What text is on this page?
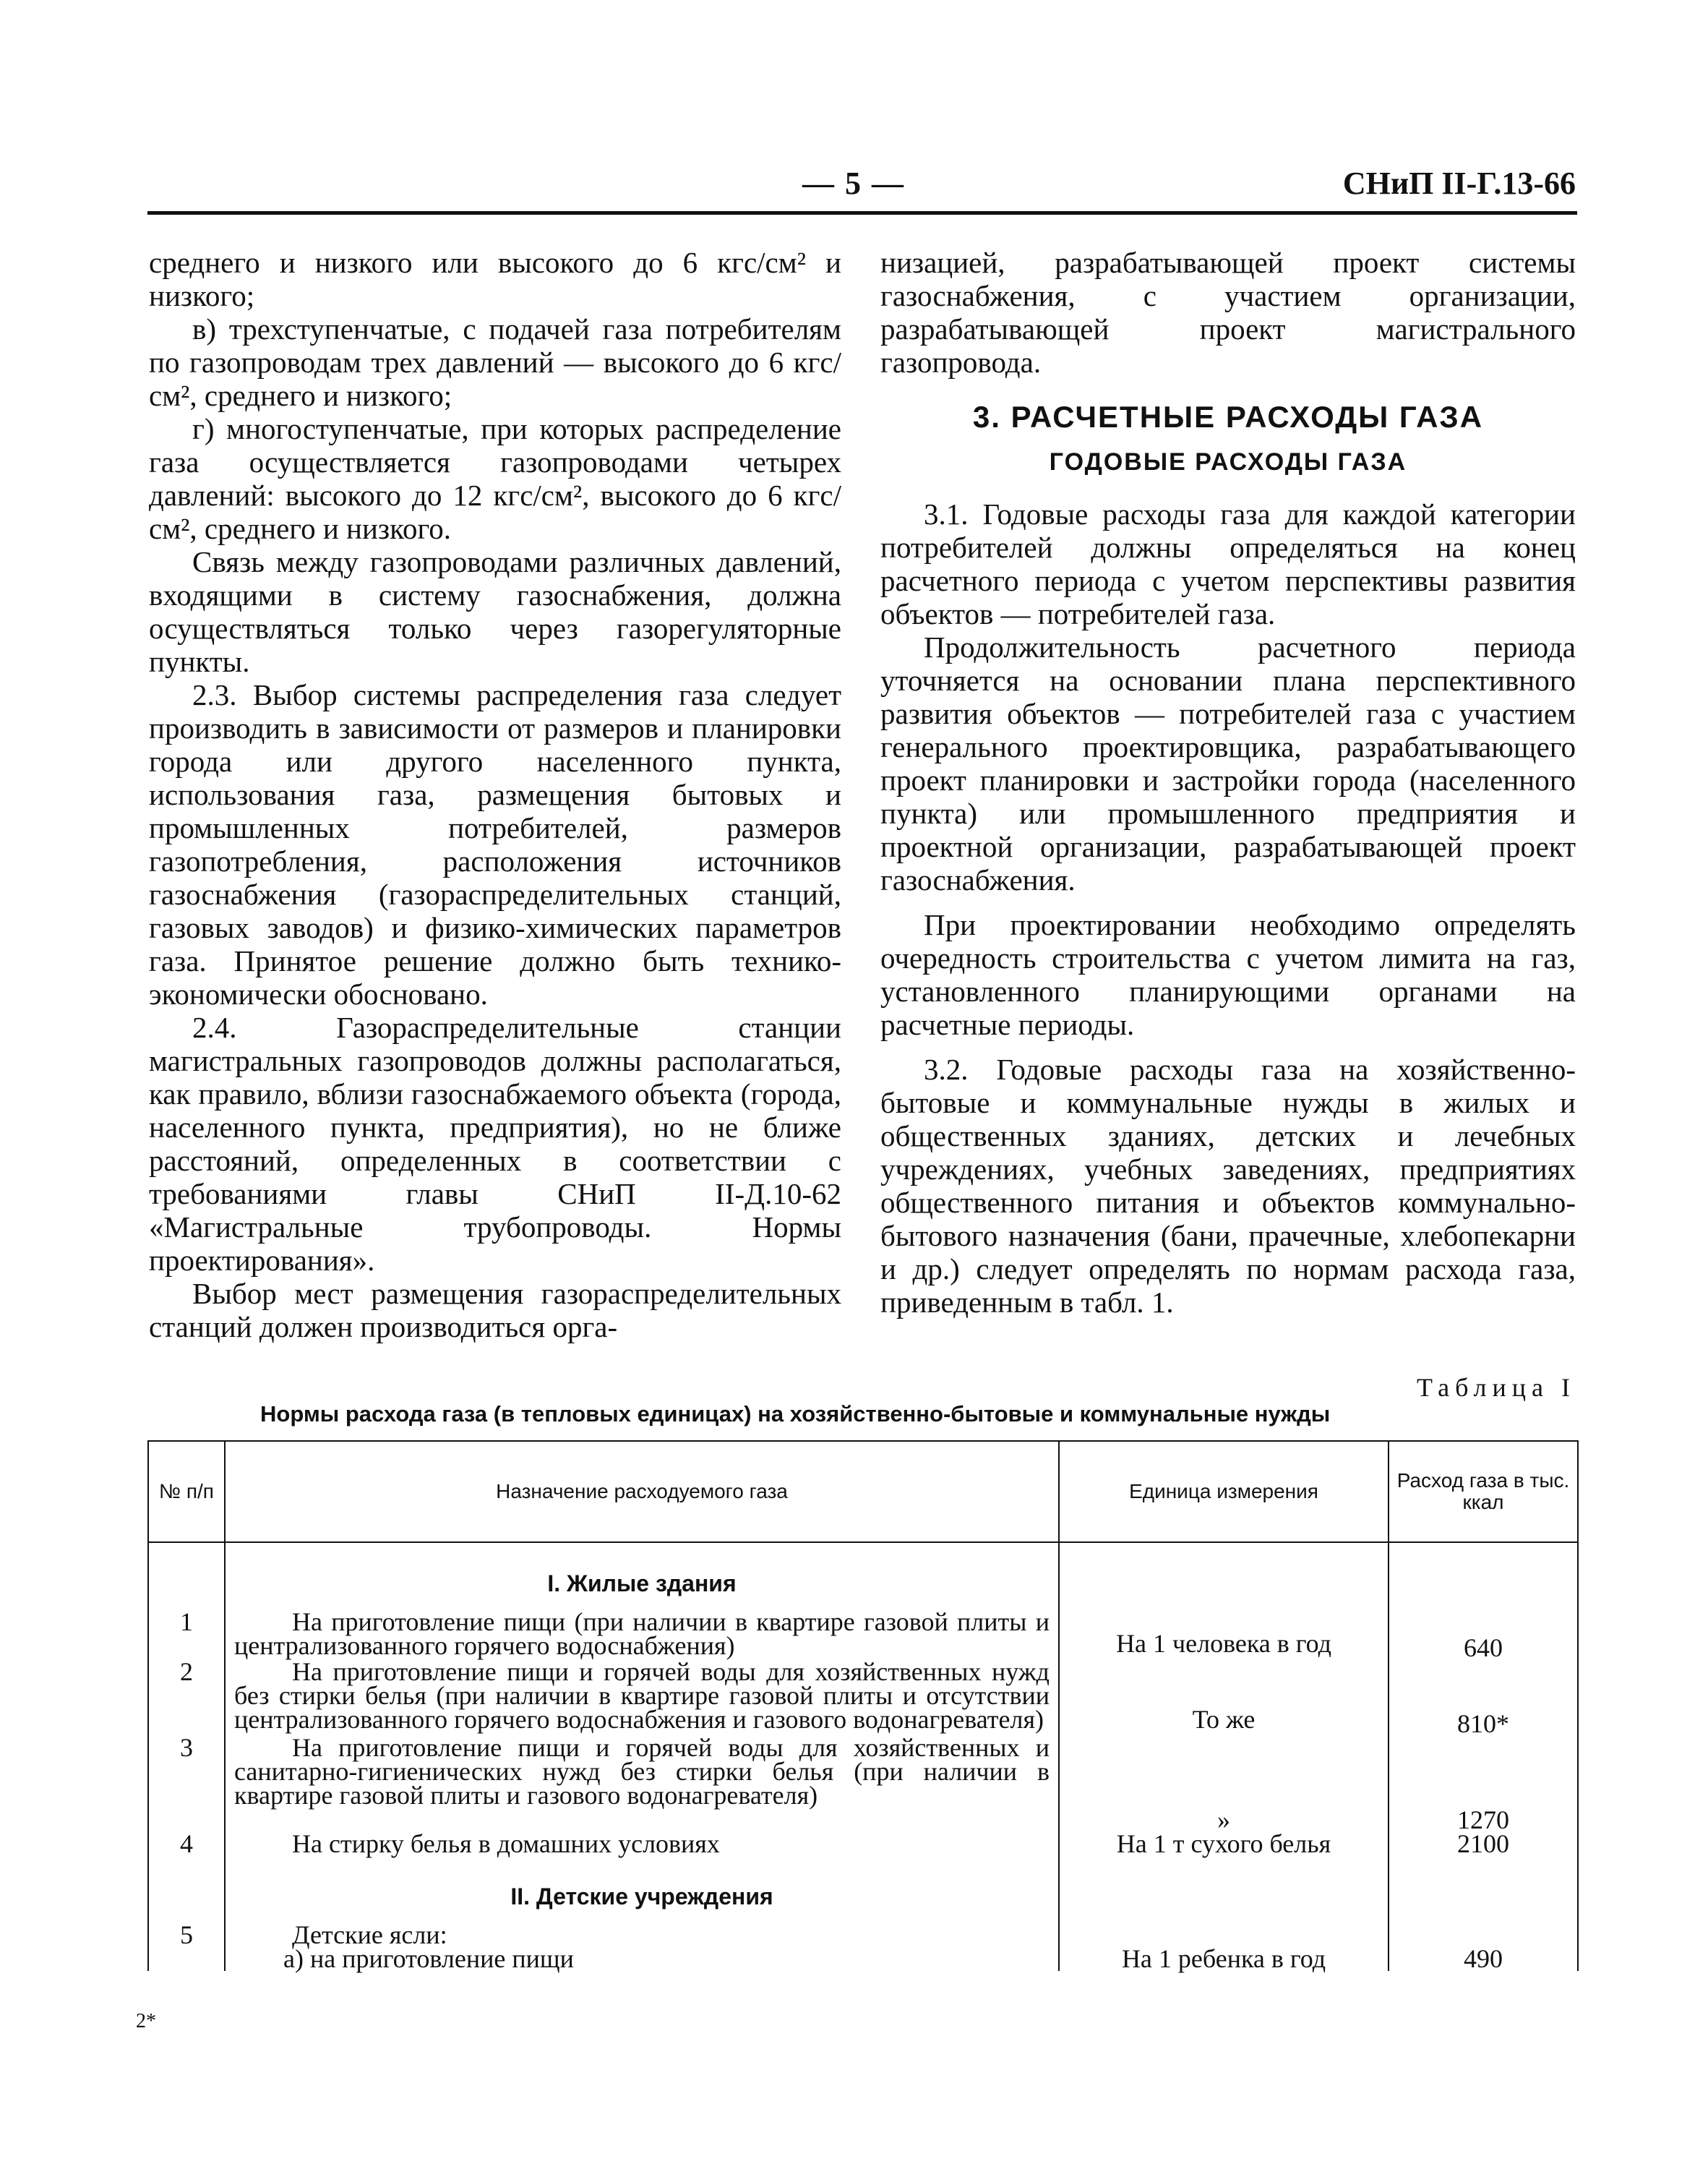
— 5 —	СНиП II-Г.13-66

среднего и низкого или высокого до 6 кгс/см² и низкого;

в) трехступенчатые, с подачей газа потребителям по газопроводам трех давлений — высокого до 6 кгс/см², среднего и низкого;

г) многоступенчатые, при которых распределение газа осуществляется газопроводами четырех давлений: высокого до 12 кгс/см², высокого до 6 кгс/см², среднего и низкого.

Связь между газопроводами различных давлений, входящими в систему газоснабжения, должна осуществляться только через газорегуляторные пункты.

2.3. Выбор системы распределения газа следует производить в зависимости от размеров и планировки города или другого населенного пункта, использования газа, размещения бытовых и промышленных потребителей, размеров газопотребления, расположения источников газоснабжения (газораспределительных станций, газовых заводов) и физико-химических параметров газа. Принятое решение должно быть технико-экономически обосновано.

2.4. Газораспределительные станции магистральных газопроводов должны располагаться, как правило, вблизи газоснабжаемого объекта (города, населенного пункта, предприятия), но не ближе расстояний, определенных в соответствии с требованиями главы СНиП II-Д.10-62 «Магистральные трубопроводы. Нормы проектирования».

Выбор мест размещения газораспределительных станций должен производиться орга-

низацией, разрабатывающей проект системы газоснабжения, с участием организации, разрабатывающей проект магистрального газопровода.

3. РАСЧЕТНЫЕ РАСХОДЫ ГАЗА

ГОДОВЫЕ РАСХОДЫ ГАЗА

3.1. Годовые расходы газа для каждой категории потребителей должны определяться на конец расчетного периода с учетом перспективы развития объектов — потребителей газа.

Продолжительность расчетного периода уточняется на основании плана перспективного развития объектов — потребителей газа с участием генерального проектировщика, разрабатывающего проект планировки и застройки города (населенного пункта) или промышленного предприятия и проектной организации, разрабатывающей проект газоснабжения.

При проектировании необходимо определять очередность строительства с учетом лимита на газ, установленного планирующими органами на расчетные периоды.

3.2. Годовые расходы газа на хозяйственно-бытовые и коммунальные нужды в жилых и общественных зданиях, детских и лечебных учреждениях, учебных заведениях, предприятиях общественного питания и объектов коммунально-бытового назначения (бани, прачечные, хлебопекарни и др.) следует определять по нормам расхода газа, приведенным в табл. 1.

Таблица I
Нормы расхода газа (в тепловых единицах) на хозяйственно-бытовые и коммунальные нужды
№ п/п	Назначение расходуемого газа	Единица измерения	Расход газа в тыс. ккал

	I. Жилые здания		

1	На приготовление пищи (при наличии в квартире газовой плиты и централизованного горячего водоснабжения)	На 1 человека в год	640
2	На приготовление пищи и горячей воды для хозяйственных нужд без стирки белья (при наличии в квартире газовой плиты и отсутствии централизованного горячего водоснабжения и газового водонагревателя)	То же	810*
3	На приготовление пищи и горячей воды для хозяйственных и санитарно-гигиенических нужд без стирки белья (при наличии в квартире газовой плиты и газового водонагревателя)	»	1270
4	На стирку белья в домашних условиях	На 1 т сухого белья	2100

	II. Детские учреждения		

5	Детские ясли:		
	а) на приготовление пищи	На 1 ребенка в год	490
2*
